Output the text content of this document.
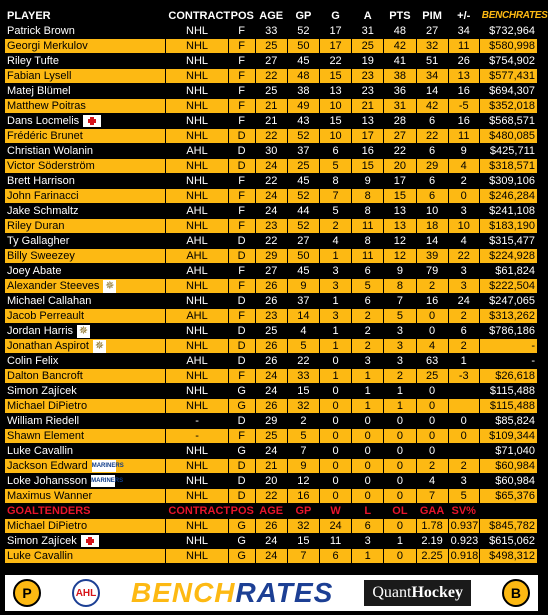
PLAYER	CONTRACT	POS	AGE	GP	G	A	PTS	PIM	+/-	BENCHRATES
Patrick Brown	NHL	F	33	52	17	31	48	27	34	$732,964
Georgi Merkulov	NHL	F	25	50	17	25	42	32	11	$580,998
Riley Tufte	NHL	F	27	45	22	19	41	51	26	$754,902
Fabian Lysell	NHL	F	22	48	15	23	38	34	13	$577,431
Matej Blümel	NHL	F	25	38	13	23	36	14	16	$694,307
Matthew Poitras	NHL	F	21	49	10	21	31	42	-5	$352,018
Dans Locmelis	NHL	F	21	43	15	13	28	6	16	$568,571
Frédéric Brunet	NHL	D	22	52	10	17	27	22	11	$480,085
Christian Wolanin	AHL	D	30	37	6	16	22	6	9	$425,711
Victor Söderström	NHL	D	24	25	5	15	20	29	4	$318,571
Brett Harrison	NHL	F	22	45	8	9	17	6	2	$309,106
John Farinacci	NHL	F	24	52	7	8	15	6	0	$246,284
Jake Schmaltz	AHL	F	24	44	5	8	13	10	3	$241,108
Riley Duran	NHL	F	23	52	2	11	13	18	10	$183,190
Ty Gallagher	AHL	D	22	27	4	8	12	14	4	$315,477
Billy Sweezey	AHL	D	29	50	1	11	12	39	22	$224,928
Joey Abate	AHL	F	27	45	3	6	9	79	3	$61,824
Alexander Steeves ✵	NHL	F	26	9	3	5	8	2	3	$222,504
Michael Callahan	NHL	D	26	37	1	6	7	16	24	$247,065
Jacob Perreault	AHL	F	23	14	3	2	5	0	2	$313,262
Jordan Harris ✵	NHL	D	25	4	1	2	3	0	6	$786,186
Jonathan Aspirot ✵	NHL	D	26	5	1	2	3	4	2	-
Colin Felix	AHL	D	26	22	0	3	3	63	1	-
Dalton Bancroft	NHL	F	24	33	1	1	2	25	-3	$26,618
Simon Zajícek	NHL	G	24	15	0	1	1	0		$115,488
Michael DiPietro	NHL	G	26	32	0	1	1	0		$115,488
William Riedell	-	D	29	2	0	0	0	0	0	$85,824
Shawn Element	-	F	25	5	0	0	0	0	0	$109,344
Luke Cavallin	NHL	G	24	7	0	0	0	0		$71,040
Jackson Edward MARINERS	NHL	D	21	9	0	0	0	2	2	$60,984
Loke Johansson MARINERS	NHL	D	20	12	0	0	0	4	3	$60,984
Maximus Wanner	NHL	D	22	16	0	0	0	7	5	$65,376
GOALTENDERS	CONTRACT	POS	AGE	GP	W	L	OL	GAA	SV%	
Michael DiPietro	NHL	G	26	32	24	6	0	1.78	0.937	$845,782
Simon Zajícek	NHL	G	24	15	11	3	1	2.19	0.923	$615,062
Luke Cavallin	NHL	G	24	7	6	1	0	2.25	0.918	$498,312
P	AHL BENCHRATES	QuantHockey	B
